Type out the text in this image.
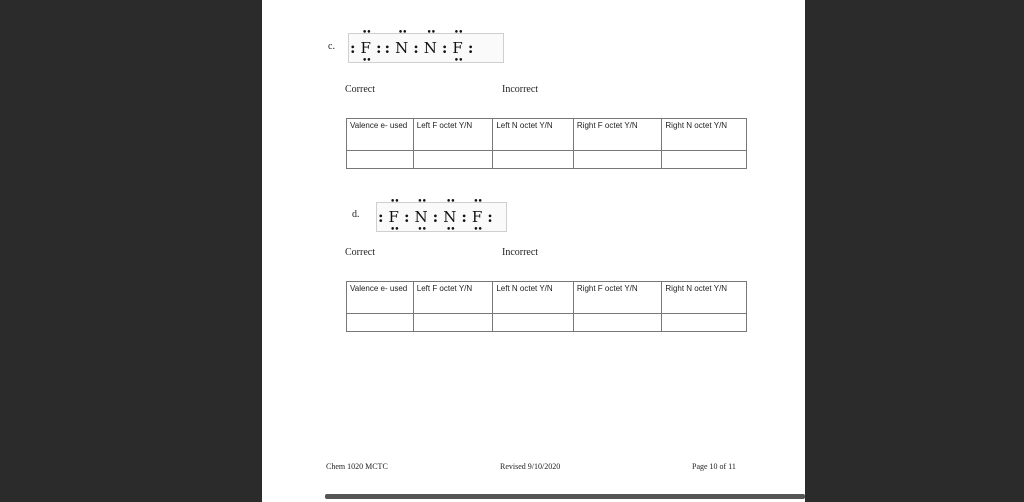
c. :
••
F
••
: :
••
N :
••
N :
••
F
••
:
Correct	Incorrect
Valence e- used	Left F octet Y/N	Left N octet Y/N	Right F octet Y/N	Right N octet Y/N

d. :
••
F
••
:
••
N
••
:
••
N
••
:
••
F
••
:
Correct	Incorrect
Valence e- used	Left F octet Y/N	Left N octet Y/N	Right F octet Y/N	Right N octet Y/N

Chem 1020 MCTC	Revised 9/10/2020	Page 10 of 11
